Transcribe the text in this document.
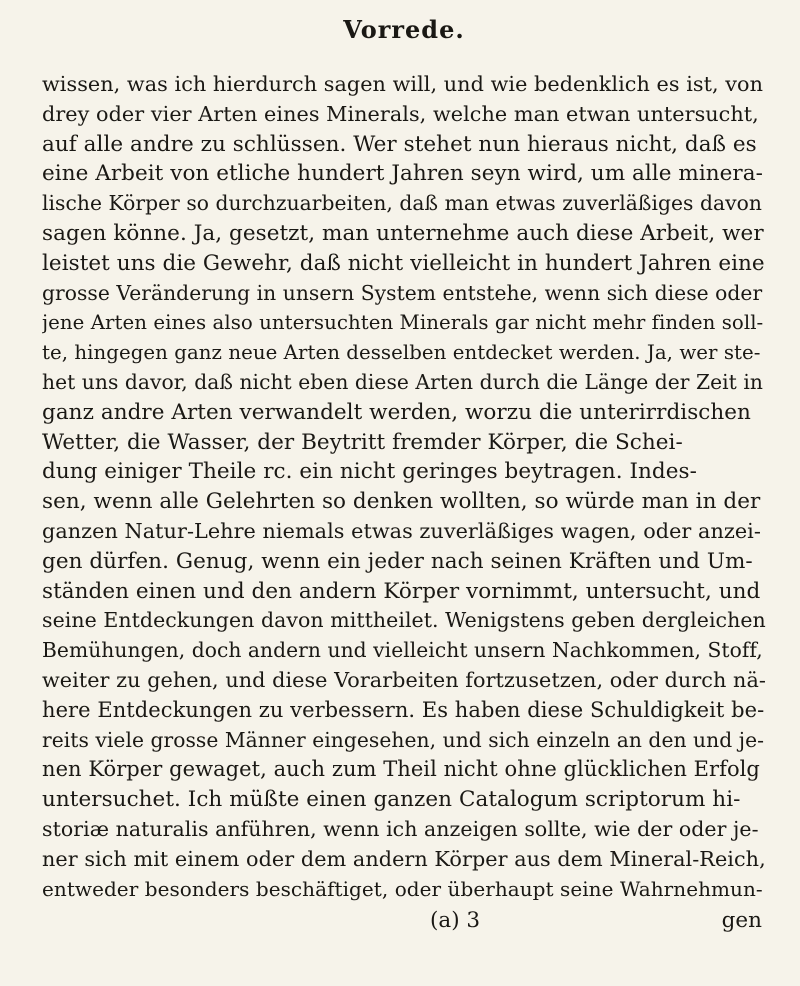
Vorrede.
wissen, was ich hierdurch sagen will, und wie bedenklich es ist, von
drey oder vier Arten eines Minerals, welche man etwan untersucht,
auf alle andre zu schlüssen. Wer stehet nun hieraus nicht, daß es
eine Arbeit von etliche hundert Jahren seyn wird, um alle minera-
lische Körper so durchzuarbeiten, daß man etwas zuverläßiges davon
sagen könne. Ja, gesetzt, man unternehme auch diese Arbeit, wer
leistet uns die Gewehr, daß nicht vielleicht in hundert Jahren eine
grosse Veränderung in unsern System entstehe, wenn sich diese oder
jene Arten eines also untersuchten Minerals gar nicht mehr finden soll-
te, hingegen ganz neue Arten desselben entdecket werden. Ja, wer ste-
het uns davor, daß nicht eben diese Arten durch die Länge der Zeit in
ganz andre Arten verwandelt werden, worzu die unterirrdischen
Wetter, die Wasser, der Beytritt fremder Körper, die Schei-
dung einiger Theile rc. ein nicht geringes beytragen. Indes-
sen, wenn alle Gelehrten so denken wollten, so würde man in der
ganzen Natur-Lehre niemals etwas zuverläßiges wagen, oder anzei-
gen dürfen. Genug, wenn ein jeder nach seinen Kräften und Um-
ständen einen und den andern Körper vornimmt, untersucht, und
seine Entdeckungen davon mittheilet. Wenigstens geben dergleichen
Bemühungen, doch andern und vielleicht unsern Nachkommen, Stoff,
weiter zu gehen, und diese Vorarbeiten fortzusetzen, oder durch nä-
here Entdeckungen zu verbessern. Es haben diese Schuldigkeit be-
reits viele grosse Männer eingesehen, und sich einzeln an den und je-
nen Körper gewaget, auch zum Theil nicht ohne glücklichen Erfolg
untersuchet. Ich müßte einen ganzen Catalogum scriptorum hi-
storiæ naturalis anführen, wenn ich anzeigen sollte, wie der oder je-
ner sich mit einem oder dem andern Körper aus dem Mineral-Reich,
entweder besonders beschäftiget, oder überhaupt seine Wahrnehmun-
(a) 3	gen
